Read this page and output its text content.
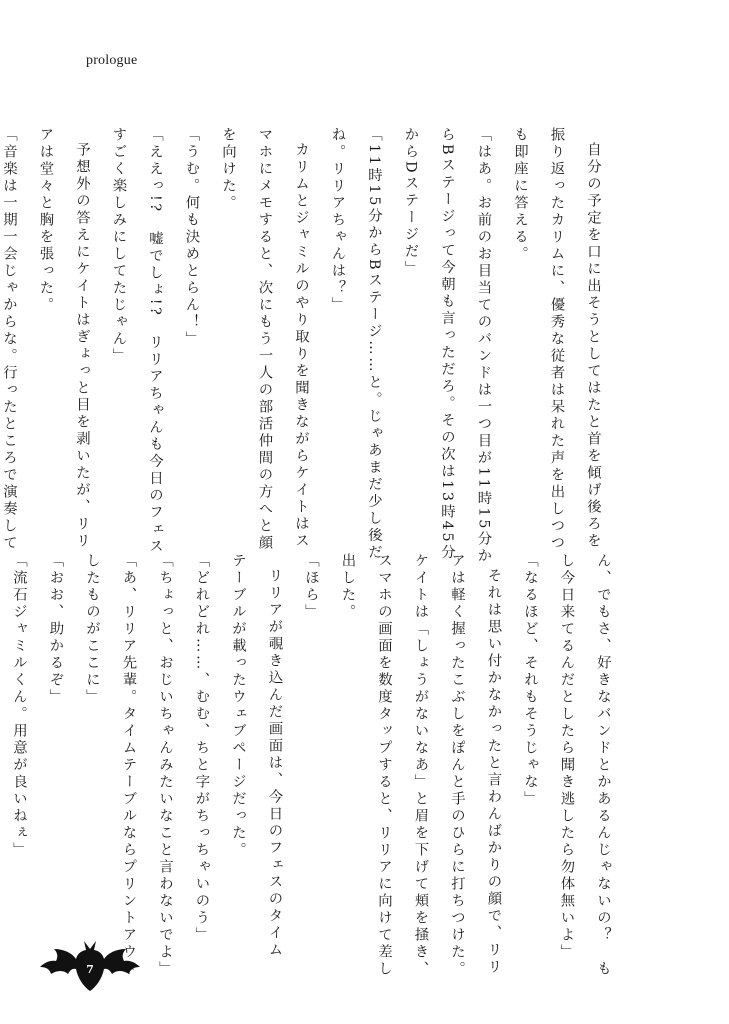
prologue
自分の予定を口に出そうとしてはたと首を傾げ後ろを
振り返ったカリムに、優秀な従者は呆れた声を出しつつ
も即座に答える。
「はあ。お前のお目当てのバンドは一つ目が11時15分か
らBステージって今朝も言っただろ。その次は13時45分
からDステージだ」
「11時15分からBステージ……と。じゃあまだ少し後だ
ね。リリアちゃんは？」
カリムとジャミルのやり取りを聞きながらケイトはス
マホにメモすると、次にもう一人の部活仲間の方へと顔
を向けた。
「うむ。何も決めとらん！」
「ええっ!?　嘘でしょ!?　リリアちゃんも今日のフェス
すごく楽しみにしてたじゃん」
予想外の答えにケイトはぎょっと目を剥いたが、リリ
アは堂々と胸を張った。
「音楽は一期一会じゃからな。行ったところで演奏して
ん、でもさ、好きなバンドとかあるんじゃないの？　も
し今日来てるんだとしたら聞き逃したら勿体無いよ」
「なるほど、それもそうじゃな」
それは思い付かなかったと言わんばかりの顔で、リリ
アは軽く握ったこぶしをぽんと手のひらに打ちつけた。
ケイトは「しょうがないなあ」と眉を下げて頬を掻き、
スマホの画面を数度タップすると、リリアに向けて差し
出した。
「ほら」
リリアが覗き込んだ画面は、今日のフェスのタイム
テーブルが載ったウェブページだった。
「どれどれ……、むむ、ちと字がちっちゃいのう」
「ちょっと、おじいちゃんみたいなこと言わないでよ」
「あ、リリア先輩。タイムテーブルならプリントアウト
したものがここに」
「おお、助かるぞ」
「流石ジャミルくん。用意が良いねぇ」
7
